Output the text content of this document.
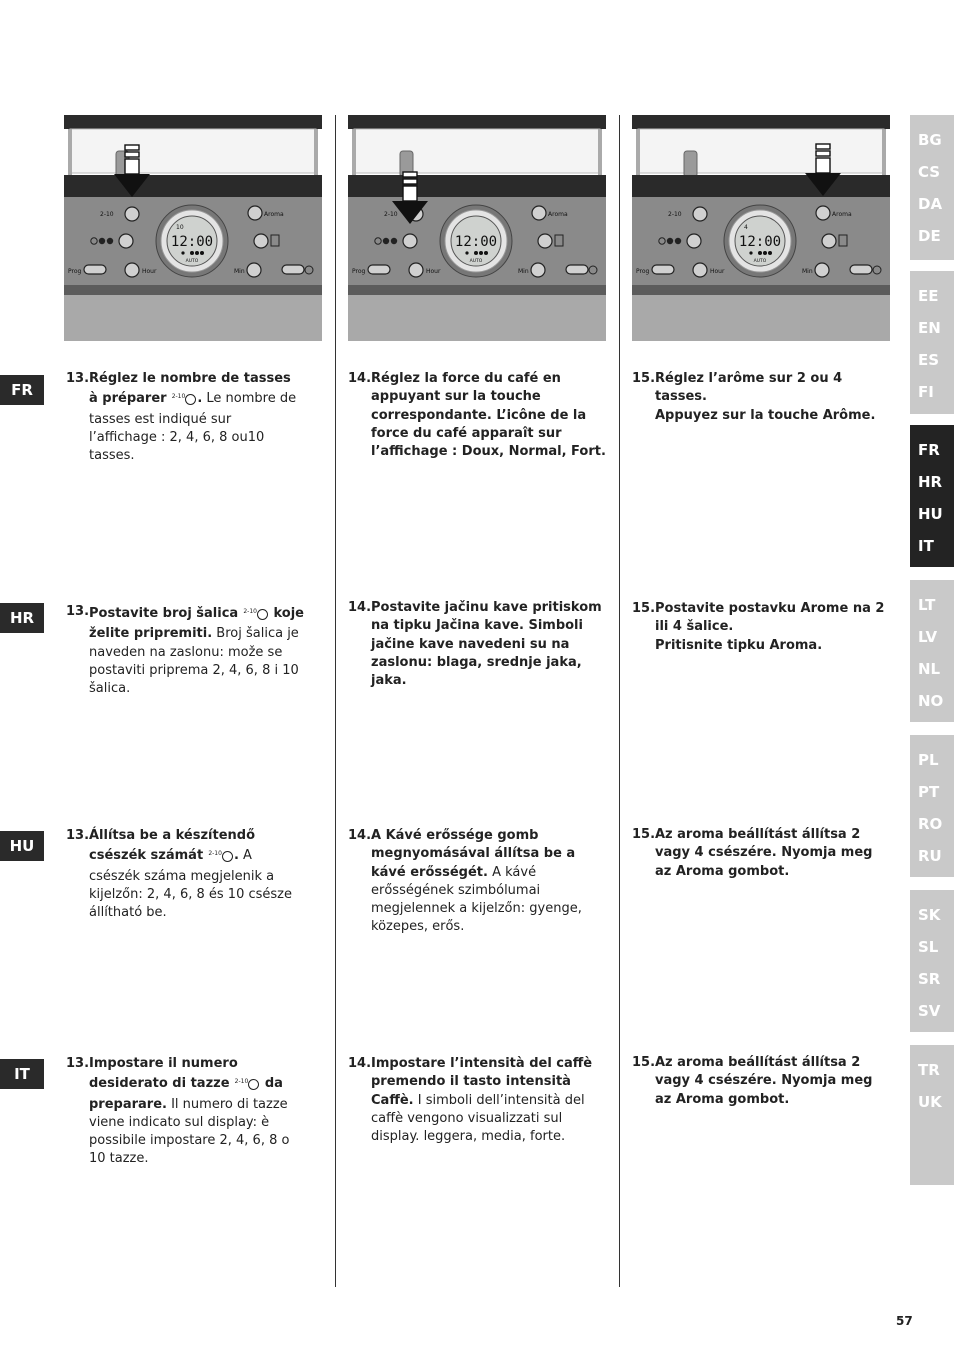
2-10	Aroma
10
12:00
AUTO
Prog	Hour	Min
2-10	Aroma
12:00
AUTO
Prog	Hour	Min
2-10	Aroma
4
12:00
AUTO
Prog	Hour	Min
FR
HR
HU
IT
BG
CS
DA
DE
EE
EN
ES
FI
FR
HR
HU
IT
LT
LV
NL
NO
PL
PT
RO
RU
SK
SL
SR
SV
TR
UK
13. Réglez le nombre de tasses à préparer $^{2-10}$ . Le nombre de tasses est indiqué sur l’affichage : 2, 4, 6, 8 ou10 tasses.
14. Réglez la force du café en appuyant sur la touche correspondante. L’icône de la force du café apparaît sur l’affichage : Doux, Normal, Fort.
15. Réglez l’arôme sur 2 ou 4 tasses.
Appuyez sur la touche Arôme.
13. Postavite broj šalica $^{2-10}$ koje želite pripremiti. Broj šalica je naveden na zaslonu: može se postaviti priprema 2, 4, 6, 8 i 10 šalica.
14. Postavite jačinu kave pritiskom na tipku Jačina kave. Simboli jačine kave navedeni su na zaslonu: blaga, srednje jaka, jaka.
15. Postavite postavku Arome na 2 ili 4 šalice.
Pritisnite tipku Aroma.
13. Állítsa be a készítendő csészék számát $^{2-10}$ . A csészék száma megjelenik a kijelzőn: 2, 4, 6, 8 és 10 csésze állítható be.
14. A Kávé erőssége gomb megnyomásával állítsa be a kávé erősségét. A kávé erősségének szimbólumai megjelennek a kijelzőn: gyenge, közepes, erős.
15. Az aroma beállítást állítsa 2 vagy 4 csészére. Nyomja meg az Aroma gombot.
13. Impostare il numero desiderato di tazze $^{2-10}$ da preparare. Il numero di tazze viene indicato sul display: è possibile impostare 2, 4, 6, 8 o 10 tazze.
14. Impostare l’intensità del caffè premendo il tasto intensità Caffè. I simboli dell’intensità del caffè vengono visualizzati sul display. leggera, media, forte.
15. Az aroma beállítást állítsa 2 vagy 4 csészére. Nyomja meg az Aroma gombot.
57
